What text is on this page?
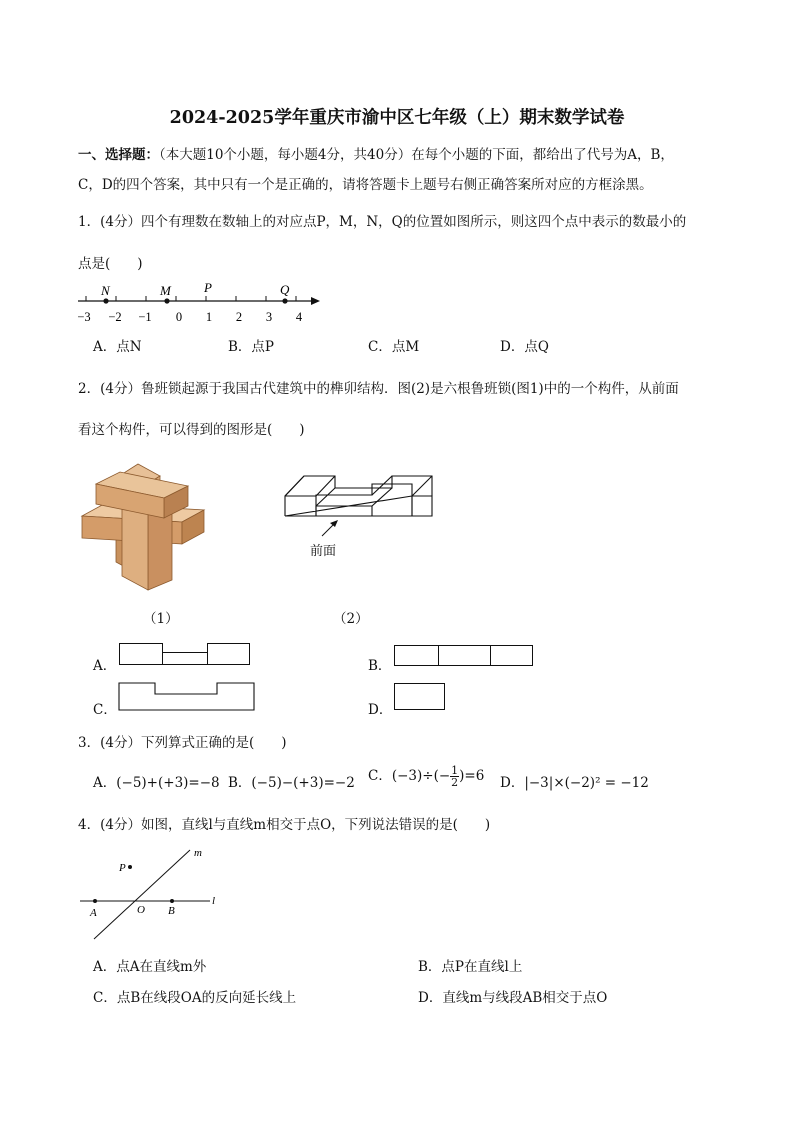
2024-2025学年重庆市渝中区七年级（上）期末数学试卷
一、选择题：（本大题10个小题，每小题4分，共40分）在每个小题的下面，都给出了代号为A，B，
C，D的四个答案，其中只有一个是正确的，请将答题卡上题号右侧正确答案所对应的方框涂黑。
1．(4分）四个有理数在数轴上的对应点P，M，N，Q的位置如图所示，则这四个点中表示的数最小的
点是(　　)
N	M	P	Q
−3 −2 −1 0 1 2 3 4
A．点N	B．点P	C．点M	D．点Q
2．(4分）鲁班锁起源于我国古代建筑中的榫卯结构．图(2)是六根鲁班锁(图1)中的一个构件，从前面
看这个构件，可以得到的图形是(　　)
前面
（1）	（2）
A．	B．
C．	D．
3．(4分）下列算式正确的是(　　)
A．(−5)+(+3)=−8 B．(−5)−(+3)=−2 C．$(-3)\div(- \frac{1}{2} )=6$ D．|−3|×(−2)² = −12
4．(4分）如图，直线l与直线m相交于点O，下列说法错误的是(　　)
m
l
P
A	O B
A．点A在直线m外	B．点P在直线l上
C．点B在线段OA的反向延长线上	D．直线m与线段AB相交于点O
